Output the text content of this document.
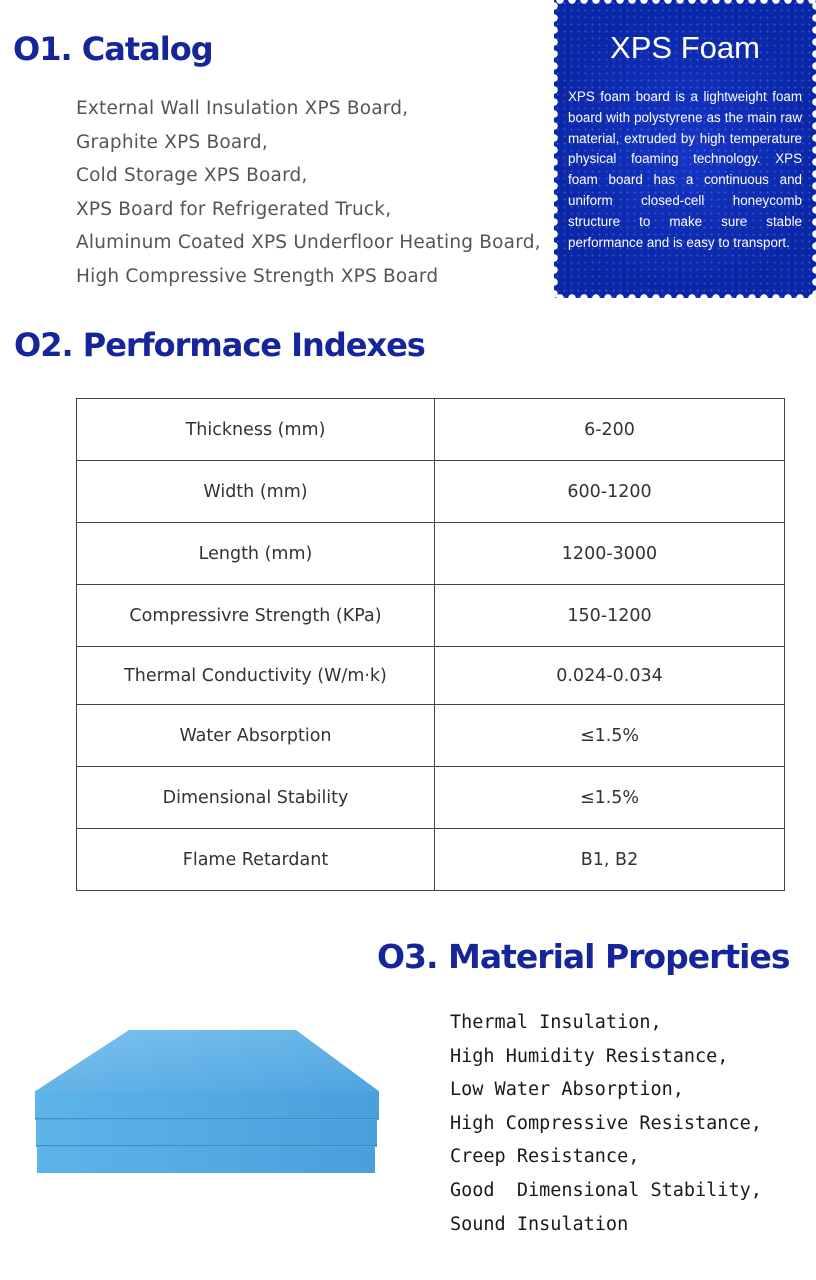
O1. Catalog
External Wall Insulation XPS Board,
Graphite XPS Board,
Cold Storage XPS Board,
XPS Board for Refrigerated Truck,
Aluminum Coated XPS Underfloor Heating Board,
High Compressive Strength XPS Board
XPS Foam

XPS foam board is a lightweight foam board with polystyrene as the main raw material, extruded by high temperature physical foaming technology. XPS foam board has a continuous and uniform closed-cell honeycomb structure to make sure stable performance and is easy to transport.

O2. Performace Indexes
Thickness (mm)	6-200
Width (mm)	600-1200
Length (mm)	1200-3000
Compressivre Strength (KPa)	150-1200
Thermal Conductivity (W/m·k)	0.024-0.034
Water Absorption	≤1.5%
Dimensional Stability	≤1.5%
Flame Retardant	B1, B2
O3. Material Properties
Thermal Insulation,
High Humidity Resistance,
Low Water Absorption,
High Compressive Resistance,
Creep Resistance,
Good  Dimensional Stability,
Sound Insulation
